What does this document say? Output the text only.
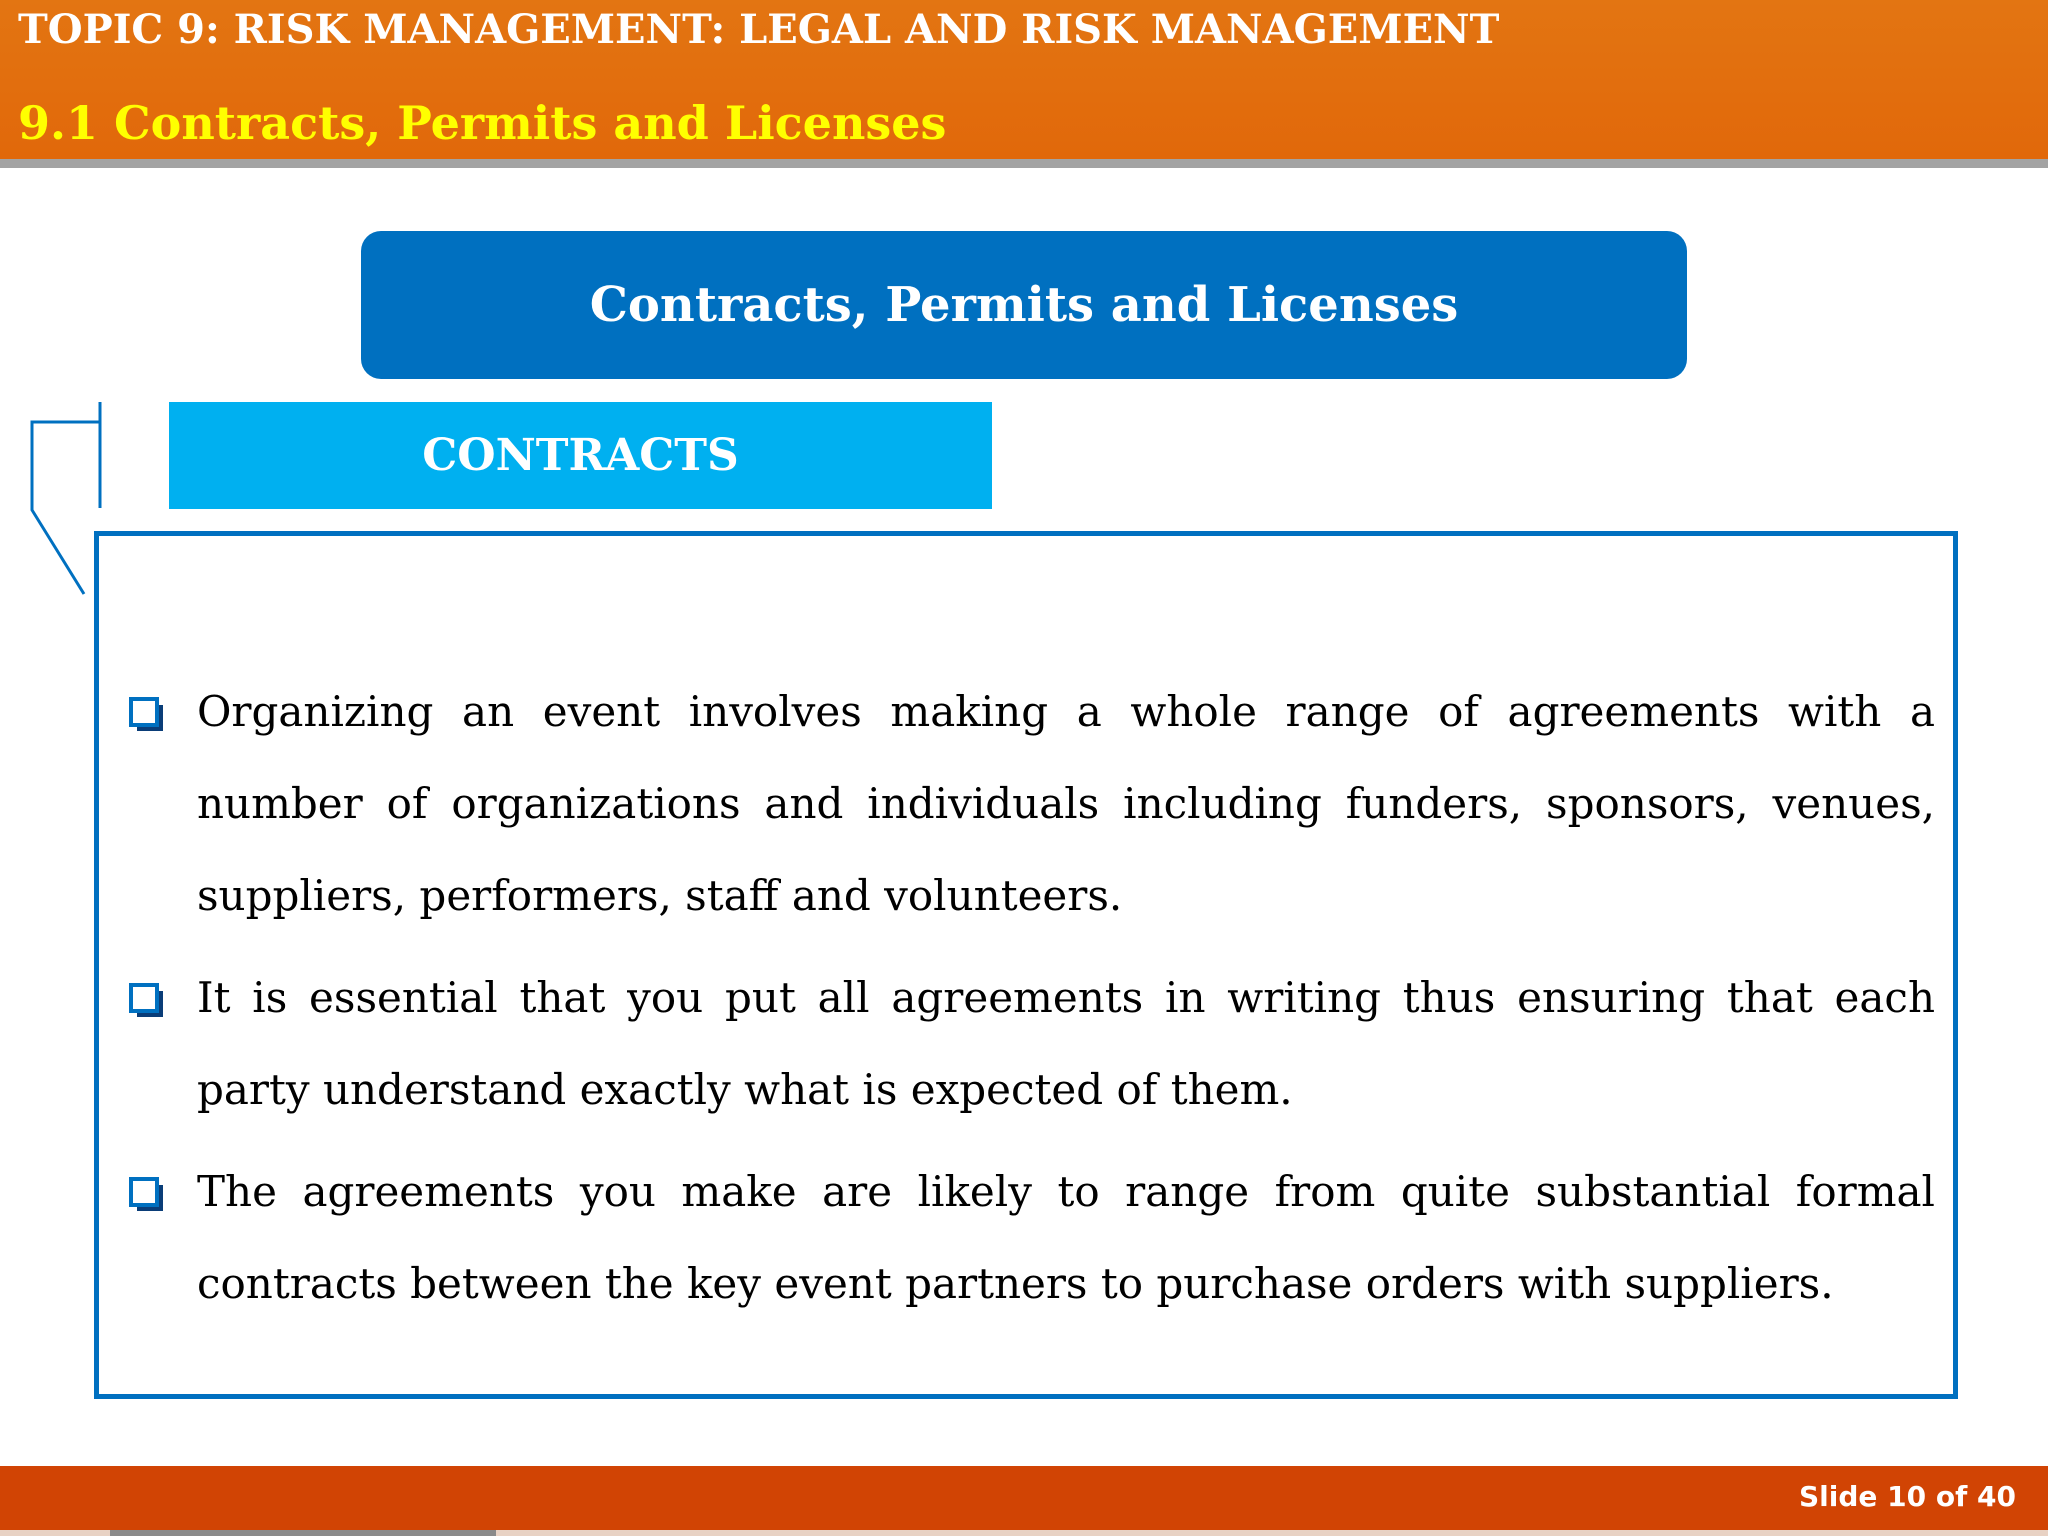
TOPIC 9: RISK MANAGEMENT: LEGAL AND RISK MANAGEMENT
9.1 Contracts, Permits and Licenses
Contracts, Permits and Licenses
CONTRACTS
Organizing an event involves making a whole range of agreements with a number of organizations and individuals including funders, sponsors, venues, suppliers, performers, staff and volunteers.
It is essential that you put all agreements in writing thus ensuring that each party understand exactly what is expected of them.
The agreements you make are likely to range from quite substantial formal contracts between the key event partners to purchase orders with suppliers.
Slide 10 of 40
